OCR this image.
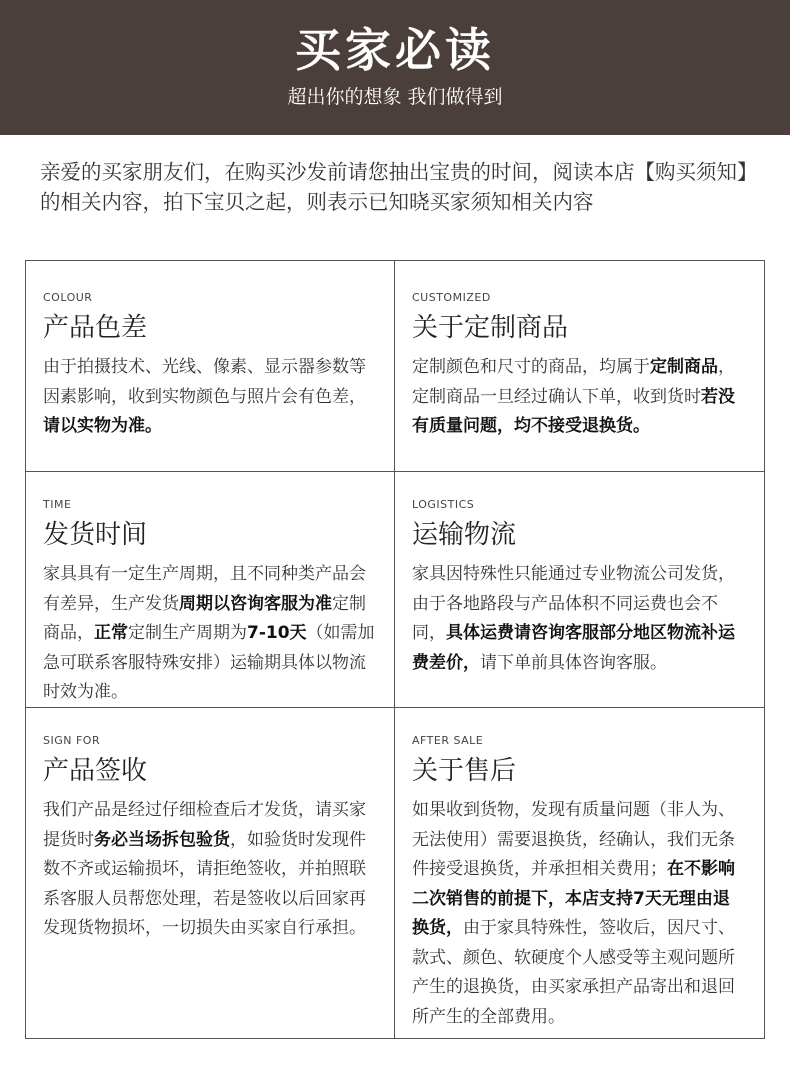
买家必读
超出你的想象 我们做得到
亲爱的买家朋友们，在购买沙发前请您抽出宝贵的时间，阅读本店【购买须知】的相关内容，拍下宝贝之起，则表示已知晓买家须知相关内容
COLOUR
产品色差
由于拍摄技术、光线、像素、显示器参数等因素影响，收到实物颜色与照片会有色差，请以实物为准。
CUSTOMIZED
关于定制商品
定制颜色和尺寸的商品，均属于定制商品，定制商品一旦经过确认下单，收到货时若没有质量问题，均不接受退换货。
TIME
发货时间
家具具有一定生产周期，且不同种类产品会有差异，生产发货周期以咨询客服为准定制商品，正常定制生产周期为7-10天（如需加急可联系客服特殊安排）运输期具体以物流时效为准。
LOGISTICS
运输物流
家具因特殊性只能通过专业物流公司发货，由于各地路段与产品体积不同运费也会不同，具体运费请咨询客服部分地区物流补运费差价，请下单前具体咨询客服。
SIGN FOR
产品签收
我们产品是经过仔细检查后才发货，请买家提货时务必当场拆包验货，如验货时发现件数不齐或运输损坏，请拒绝签收，并拍照联系客服人员帮您处理，若是签收以后回家再发现货物损坏，一切损失由买家自行承担。
AFTER SALE
关于售后
如果收到货物，发现有质量问题（非人为、无法使用）需要退换货，经确认，我们无条件接受退换货，并承担相关费用；在不影响二次销售的前提下，本店支持7天无理由退换货，由于家具特殊性，签收后，因尺寸、款式、颜色、软硬度个人感受等主观问题所产生的退换货，由买家承担产品寄出和退回所产生的全部费用。
